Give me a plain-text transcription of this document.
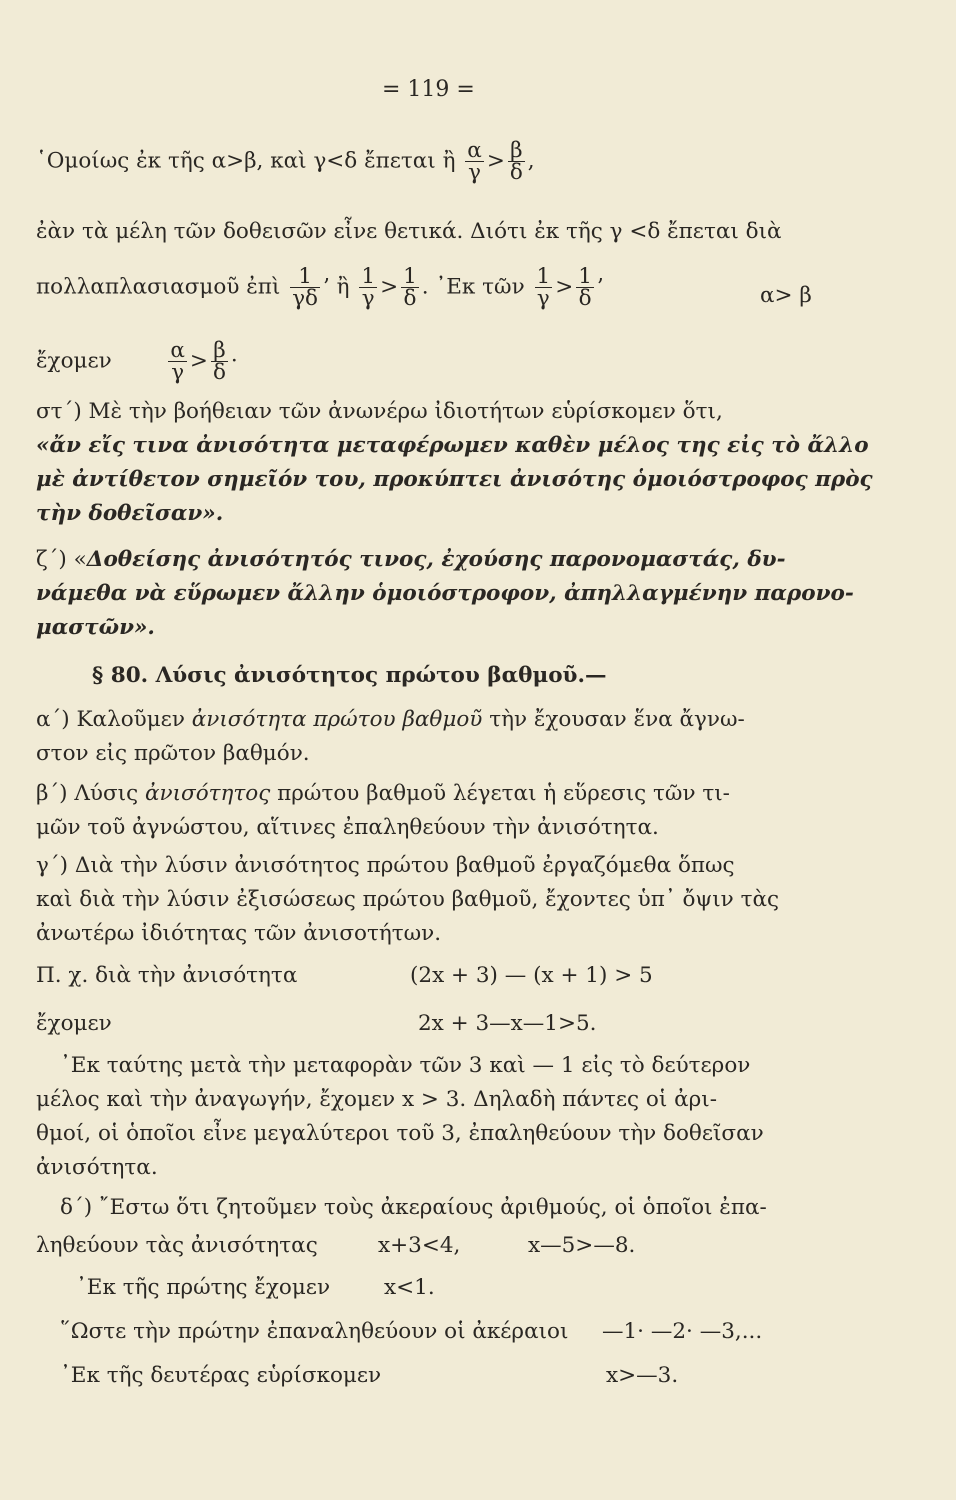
= 119 =
῾Ομοίως ἐκ τῆς α>β, καὶ γ<δ ἔπεται ἢ $\frac{\alpha}{\gamma} > \frac{\beta}{\delta}$ ,
ἐὰν τὰ μέλη τῶν δοθεισῶν εἶνε θετικά. Διότι ἐκ τῆς γ <δ ἔπεται διὰ
πολλαπλασιασμοῦ ἐπὶ $\frac{1}{\gamma\delta}$ ’ ἢ $\frac{1}{\gamma} > \frac{1}{\delta}$ . ᾿Εκ τῶν $\frac{1}{\gamma} > \frac{1}{\delta}$ ’	α> β
ἔχομεν	$\frac{\alpha}{\gamma} > \frac{\beta}{\delta}$ ·
στ΄) Μὲ τὴν βοήθειαν τῶν ἀνωνέρω ἰδιοτήτων εὑρίσκομεν ὅτι,
«ἄν εἴς τινα ἀνισότητα μεταφέρωμεν καθὲν μέλος της εἰς τὸ ἄλλο
μὲ ἀντίθετον σημεῖόν του, προκύπτει ἀνισότης ὁμοιόστροφος πρὸς
τὴν δοθεῖσαν».
ζ΄) «Δοθείσης ἀνισότητός τινος, ἐχούσης παρονομαστάς, δυ-
νάμεθα νὰ εὕρωμεν ἄλλην ὁμοιόστροφον, ἀπηλλαγμένην παρονο-
μαστῶν».
§ 80. Λύσις ἀνισότητος πρώτου βαθμοῦ.—
α΄) Καλοῦμεν ἀνισότητα πρώτου βαθμοῦ τὴν ἔχουσαν ἕνα ἄγνω-
στον εἰς πρῶτον βαθμόν.
β΄) Λύσις ἀνισότητος πρώτου βαθμοῦ λέγεται ἡ εὕρεσις τῶν τι-
μῶν τοῦ ἀγνώστου, αἵτινες ἐπαληθεύουν τὴν ἀνισότητα.
γ΄) Διὰ τὴν λύσιν ἀνισότητος πρώτου βαθμοῦ ἐργαζόμεθα ὅπως
καὶ διὰ τὴν λύσιν ἐξισώσεως πρώτου βαθμοῦ, ἔχοντες ὑπ᾿ ὄψιν τὰς
ἀνωτέρω ἰδιότητας τῶν ἀνισοτήτων.
Π. χ. διὰ τὴν ἀνισότητα	(2x + 3) — (x + 1) > 5
ἔχομεν	2x + 3—x—1>5.
᾿Εκ ταύτης μετὰ τὴν μεταφορὰν τῶν 3 καὶ — 1 εἰς τὸ δεύτερον
μέλος καὶ τὴν ἀναγωγήν, ἔχομεν x > 3. Δηλαδὴ πάντες οἱ ἀρι-
θμοί, οἱ ὁποῖοι εἶνε μεγαλύτεροι τοῦ 3, ἐπαληθεύουν τὴν δοθεῖσαν
ἀνισότητα.
δ΄) ῎Εστω ὅτι ζητοῦμεν τοὺς ἀκεραίους ἀριθμούς, οἱ ὁποῖοι ἐπα-
ληθεύουν τὰς ἀνισότητας	x+3<4,	x—5>—8.
᾿Εκ τῆς πρώτης ἔχομεν	x<1.
῞Ωστε τὴν πρώτην ἐπαναληθεύουν οἱ ἀκέραιοι —1· —2· —3,...
᾿Εκ τῆς δευτέρας εὑρίσκομεν	x>—3.
